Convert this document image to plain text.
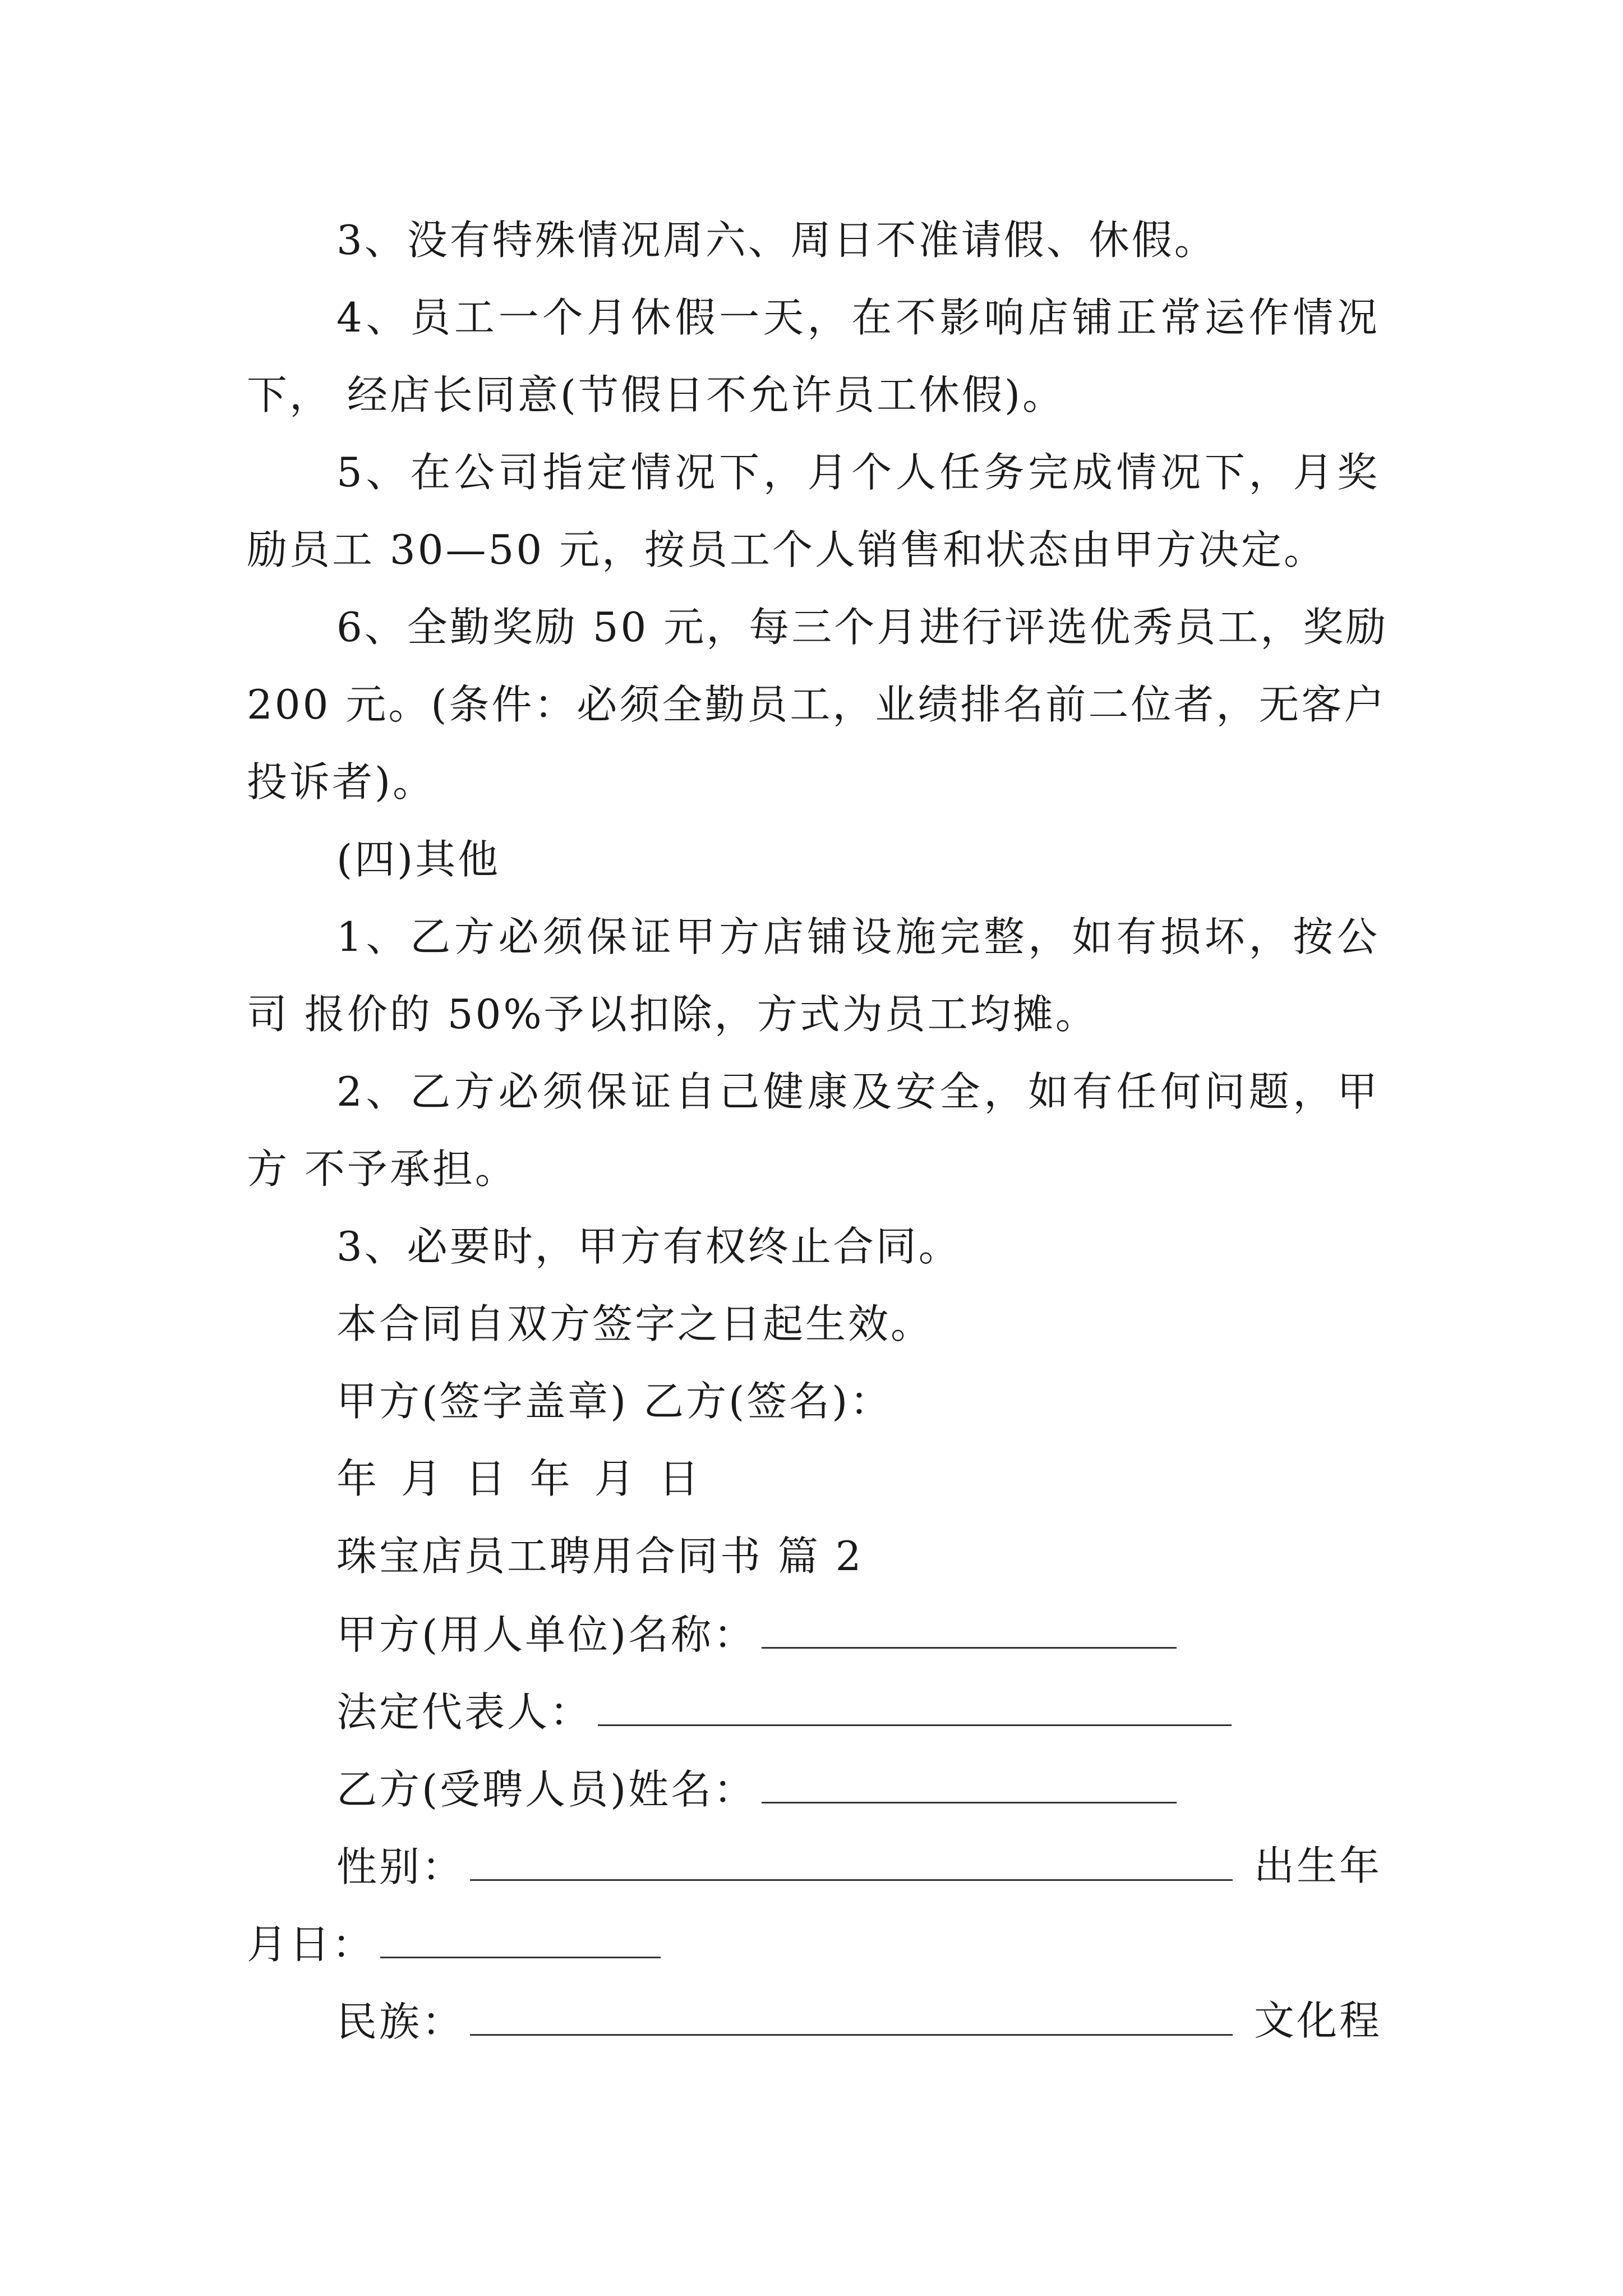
3、没有特殊情况周六、周日不准请假、休假。
4、员工一个月休假一天，在不影响店铺正常运作情况
下， 经店长同意(节假日不允许员工休假)。
5、在公司指定情况下，月个人任务完成情况下，月奖
励员工 30—50 元，按员工个人销售和状态由甲方决定。
6、全勤奖励 50 元，每三个月进行评选优秀员工，奖励
200 元。(条件：必须全勤员工，业绩排名前二位者，无客户
投诉者)。
(四)其他
1、乙方必须保证甲方店铺设施完整，如有损坏，按公
司 报价的 50%予以扣除，方式为员工均摊。
2、乙方必须保证自己健康及安全，如有任何问题，甲
方 不予承担。
3、必要时，甲方有权终止合同。
本合同自双方签字之日起生效。
甲方(签字盖章) 乙方(签名)：
年 月 日 年 月 日
珠宝店员工聘用合同书 篇 2
甲方(用人单位)名称：
法定代表人：
乙方(受聘人员)姓名：
性别：	出生年
月日：
民族：	文化程
